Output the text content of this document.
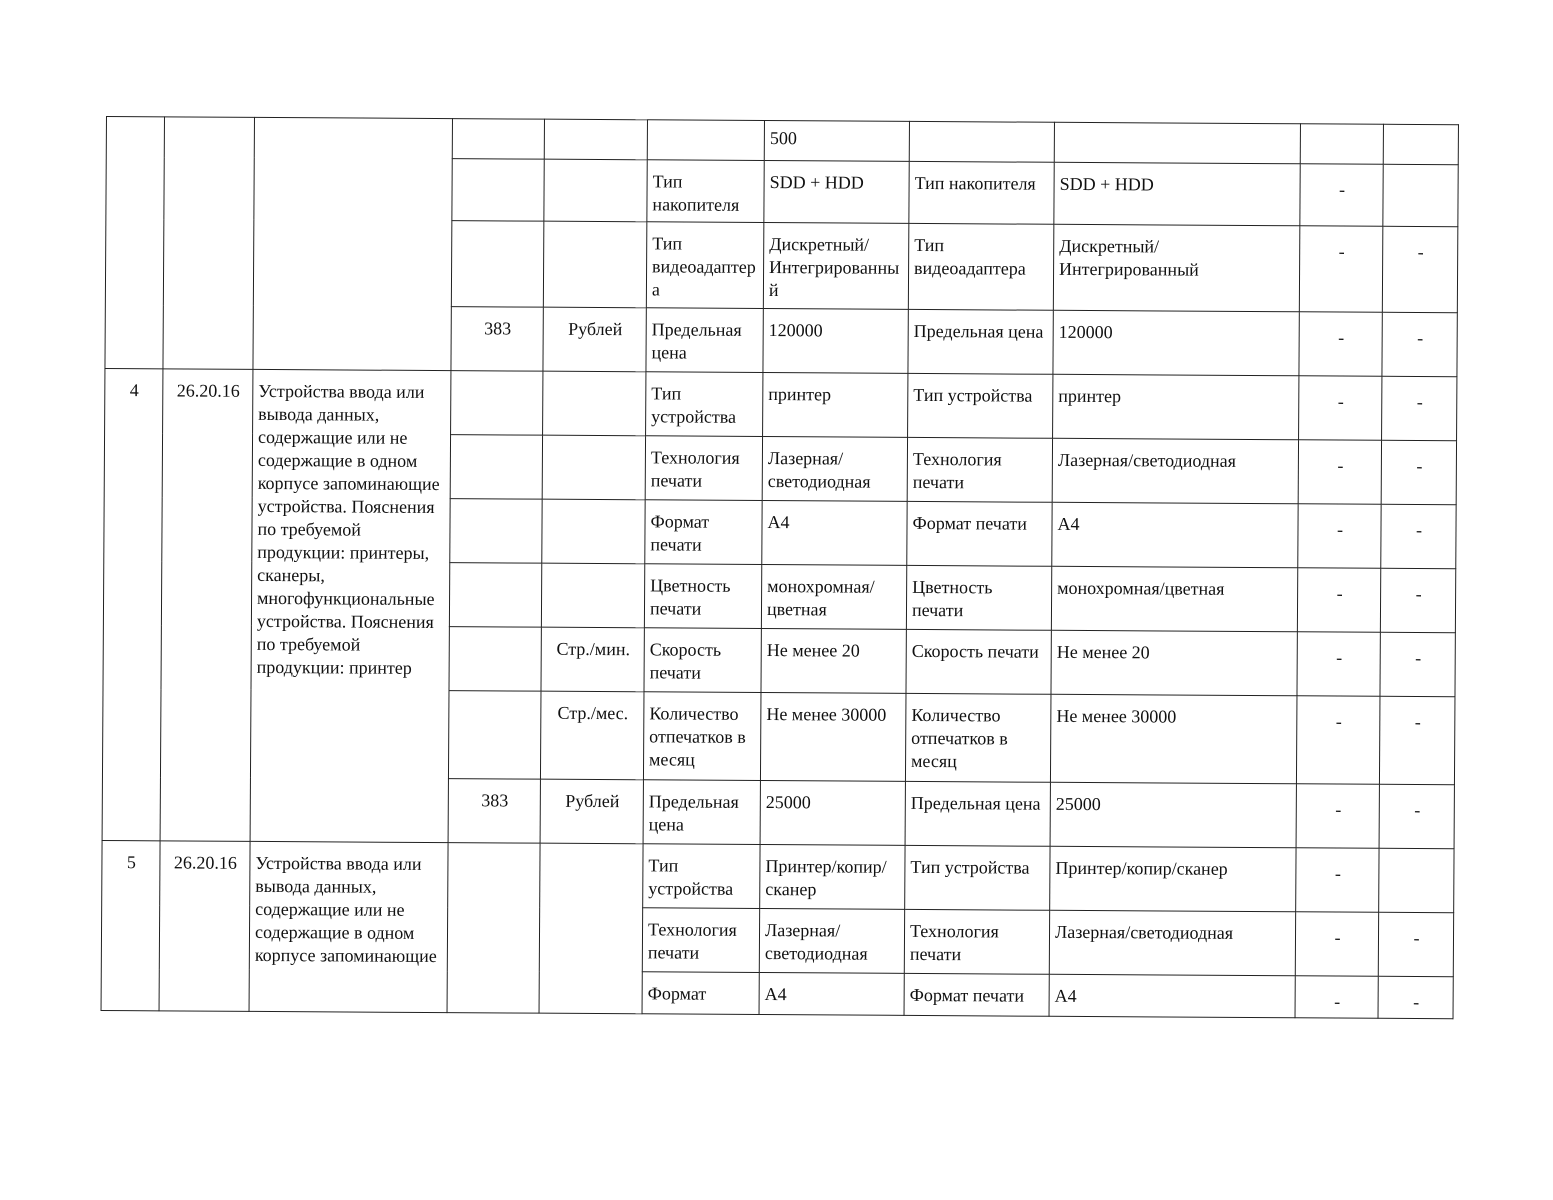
						500				
					Тип накопителя	SDD + HDD	Тип накопителя	SDD + HDD	-	
					Тип видеоадаптера	Дискретный/Интегрированный	Тип видеоадаптера	Дискретный/Интегрированный	-	-
			383	Рублей	Предельная цена	120000	Предельная цена	120000	-	-
4	26.20.16	Устройства ввода или вывода данных, содержащие или не содержащие в одном корпусе запоминающие устройства. Пояснения по требуемой продукции: принтеры, сканеры, многофункциональные устройства. Пояснения по требуемой продукции: принтер			Тип устройства	принтер	Тип устройства	принтер	-	-
					Технология печати	Лазерная/светодиодная	Технология печати	Лазерная/светодиодная	-	-
					Формат печати	А4	Формат печати	А4	-	-
					Цветность печати	монохромная/ цветная	Цветность печати	монохромная/цветная	-	-
				Стр./мин.	Скорость печати	Не менее 20	Скорость печати	Не менее 20	-	-
				Стр./мес.	Количество отпечатков в месяц	Не менее 30000	Количество отпечатков в месяц	Не менее 30000	-	-
			383	Рублей	Предельная цена	25000	Предельная цена	25000	-	-
5	26.20.16	Устройства ввода или вывода данных, содержащие или не содержащие в одном корпусе запоминающие			Тип устройства	Принтер/копир/сканер	Тип устройства	Принтер/копир/сканер	-	
					Технология печати	Лазерная/светодиодная	Технология печати	Лазерная/светодиодная	-	-
					Формат	А4	Формат печати	А4	-	-
